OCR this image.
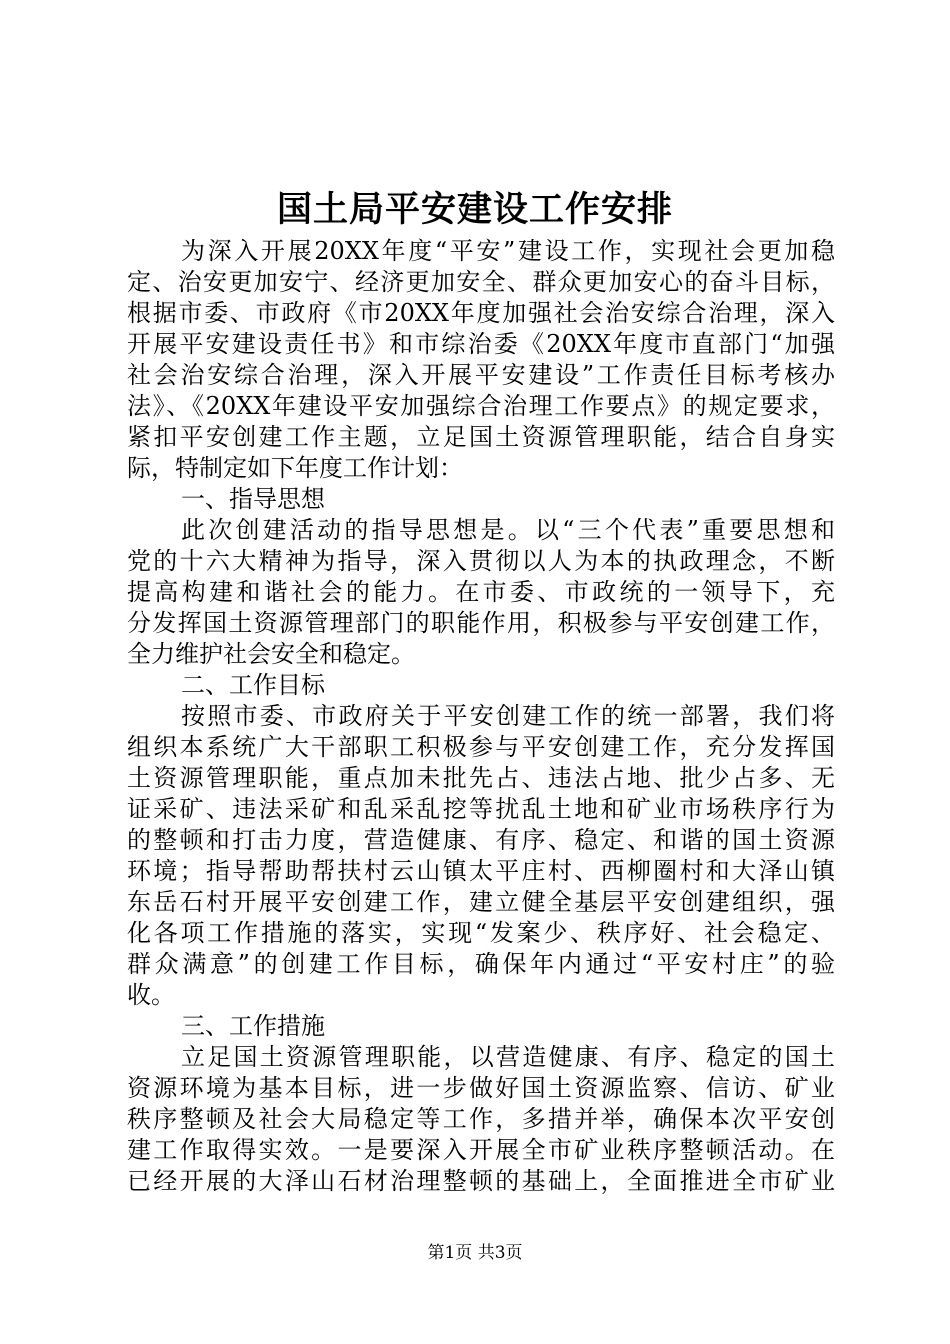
国土局平安建设工作安排
为深入开展20XX年度“平安”建设工作，实现社会更加稳
定、治安更加安宁、经济更加安全、群众更加安心的奋斗目标，
根据市委、市政府《市20XX年度加强社会治安综合治理，深入
开展平安建设责任书》和市综治委《20XX年度市直部门“加强
社会治安综合治理，深入开展平安建设”工作责任目标考核办
法》、《20XX年建设平安加强综合治理工作要点》的规定要求，
紧扣平安创建工作主题，立足国土资源管理职能，结合自身实
际，特制定如下年度工作计划：
一、指导思想
此次创建活动的指导思想是。以“三个代表”重要思想和
党的十六大精神为指导，深入贯彻以人为本的执政理念，不断
提高构建和谐社会的能力。在市委、市政统的一领导下，充
分发挥国土资源管理部门的职能作用，积极参与平安创建工作，
全力维护社会安全和稳定。
二、工作目标
按照市委、市政府关于平安创建工作的统一部署，我们将
组织本系统广大干部职工积极参与平安创建工作，充分发挥国
土资源管理职能，重点加未批先占、违法占地、批少占多、无
证采矿、违法采矿和乱采乱挖等扰乱土地和矿业市场秩序行为
的整顿和打击力度，营造健康、有序、稳定、和谐的国土资源
环境；指导帮助帮扶村云山镇太平庄村、西柳圈村和大泽山镇
东岳石村开展平安创建工作，建立健全基层平安创建组织，强
化各项工作措施的落实，实现“发案少、秩序好、社会稳定、
群众满意”的创建工作目标，确保年内通过“平安村庄”的验
收。
三、工作措施
立足国土资源管理职能，以营造健康、有序、稳定的国土
资源环境为基本目标，进一步做好国土资源监察、信访、矿业
秩序整顿及社会大局稳定等工作，多措并举，确保本次平安创
建工作取得实效。一是要深入开展全市矿业秩序整顿活动。在
已经开展的大泽山石材治理整顿的基础上，全面推进全市矿业
第1页 共3页
